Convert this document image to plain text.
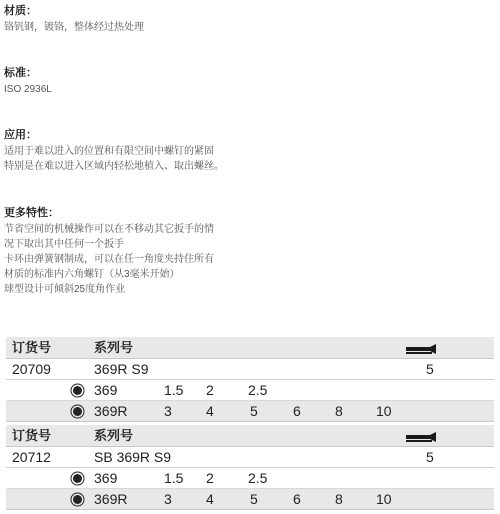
材质：

铬钒钢，镀铬，整体经过热处理

标准：

ISO 2936L

应用：

适用于难以进入的位置和有限空间中螺钉的紧固

特别是在难以进入区域内轻松地植入、取出螺丝。

更多特性：

节省空间的机械操作可以在不移动其它扳手的情

况下取出其中任何一个扳手

卡环由弹簧钢制成，可以在任一角度夹持住所有

材质的标准内六角螺钉（从3毫米开始）

球型设计可倾斜25度角作业

订货号	系列号
20709	369R S9	5
369	1.5 2 2.5
369R	3 4	5	6 8 10
订货号	系列号
20712	SB 369R S9	5
369	1.5 2 2.5
369R	3 4	5	6 8 10
